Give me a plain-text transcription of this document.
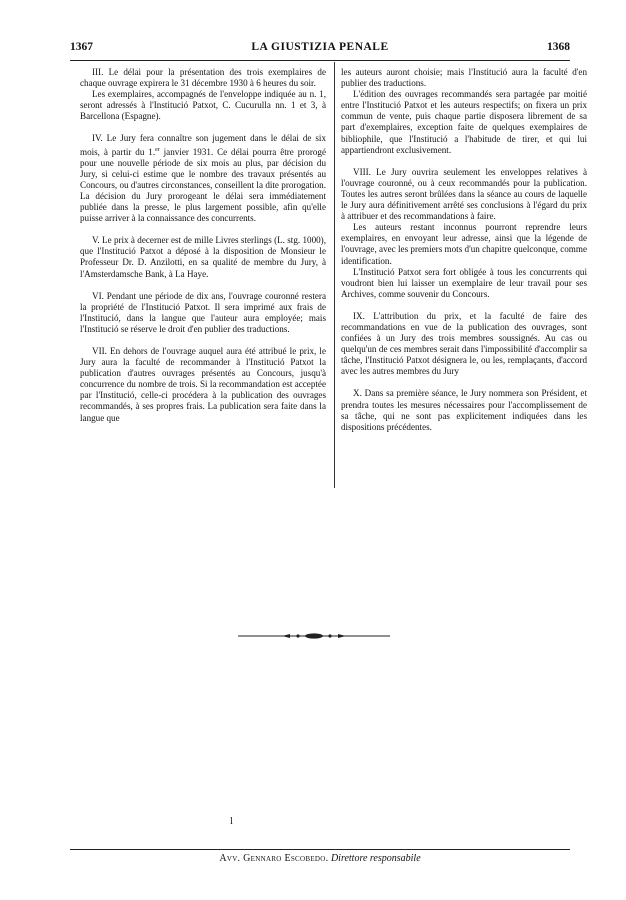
1367	LA GIUSTIZIA PENALE	1368

III. Le délai pour la présentation des trois exemplaires de chaque ouvrage expirera le 31 décembre 1930 à 6 heures du soir.

Les exemplaires, accompagnés de l'enveloppe indiquée au n. 1, seront adressés à l'Institució Patxot, C. Cucurulla nn. 1 et 3, à Barcellona (Espagne).

IV. Le Jury fera connaître son jugement dans le délai de six mois, à partir du 1.$^{er}$ janvier 1931. Ce délai pourra être prorogé pour une nouvelle période de six mois au plus, par décision du Jury, si celui-ci estime que le nombre des travaux présentés au Concours, ou d'autres circonstances, conseillent la dite prorogation. La décision du Jury prorogeant le délai sera immédiatement publiée dans la presse, le plus largement possible, afin qu'elle puisse arriver à la connaissance des concurrents.

V. Le prix à decerner est de mille Livres sterlings (L. stg. 1000), que l'Institució Patxot a déposé à la disposition de Monsieur le Professeur Dr. D. Anzilotti, en sa qualité de membre du Jury, à l'Amsterdamsche Bank, à La Haye.

VI. Pendant une période de dix ans, l'ouvrage couronné restera la propriété de l'Institució Patxot. Il sera imprimé aux frais de l'Institució, dans la langue que l'auteur aura employée; mais l'Institució se réserve le droit d'en publier des traductions.

VII. En dehors de l'ouvrage auquel aura été attribué le prix, le Jury aura la faculté de recommander à l'Institució Patxot la publication d'autres ouvrages présentés au Concours, jusqu'à concurrence du nombre de trois. Si la recommandation est acceptée par l'Institució, celle-ci procédera à la publication des ouvrages recommandés, à ses propres frais. La publication sera faite dans la langue que

les auteurs auront choisie; mais l'Institució aura la faculté d'en publier des traductions.

L'édition des ouvrages recommandés sera partagée par moitié entre l'Institució Patxot et les auteurs respectifs; on fixera un prix commun de vente, puis chaque partie disposera librement de sa part d'exemplaires, exception faite de quelques exemplaires de bibliophile, que l'Institució a l'habitude de tirer, et qui lui appartiendront exclusivement.

VIII. Le Jury ouvrira seulement les enveloppes relatives à l'ouvrage couronné, ou à ceux recommandés pour la publication. Toutes les autres seront brûlées dans la séance au cours de laquelle le Jury aura définitivement arrêté ses conclusions à l'égard du prix à attribuer et des recommandations à faire.

Les auteurs restant inconnus pourront reprendre leurs exemplaires, en envoyant leur adresse, ainsi que la légende de l'ouvrage, avec les premiers mots d'un chapitre quelconque, comme identification.

L'Institució Patxot sera fort obligée à tous les concurrents qui voudront bien lui laisser un exemplaire de leur travail pour ses Archives, comme souvenir du Concours.

IX. L'attribution du prix, et la faculté de faire des recommandations en vue de la publication des ouvrages, sont confiées à un Jury des trois membres soussignés. Au cas ou quelqu'un de ces membres serait dans l'impossibilité d'accomplir sa tâche, l'Institució Patxot désignera le, ou les, remplaçants, d'accord avec les autres membres du Jury

X. Dans sa première séance, le Jury nommera son Président, et prendra toutes les mesures nécessaires pour l'accomplissement de sa tâche, qui ne sont pas explicitement indiquées dans les dispositions précédentes.

l
Avv. Gennaro Escobedo. Direttore responsabile
